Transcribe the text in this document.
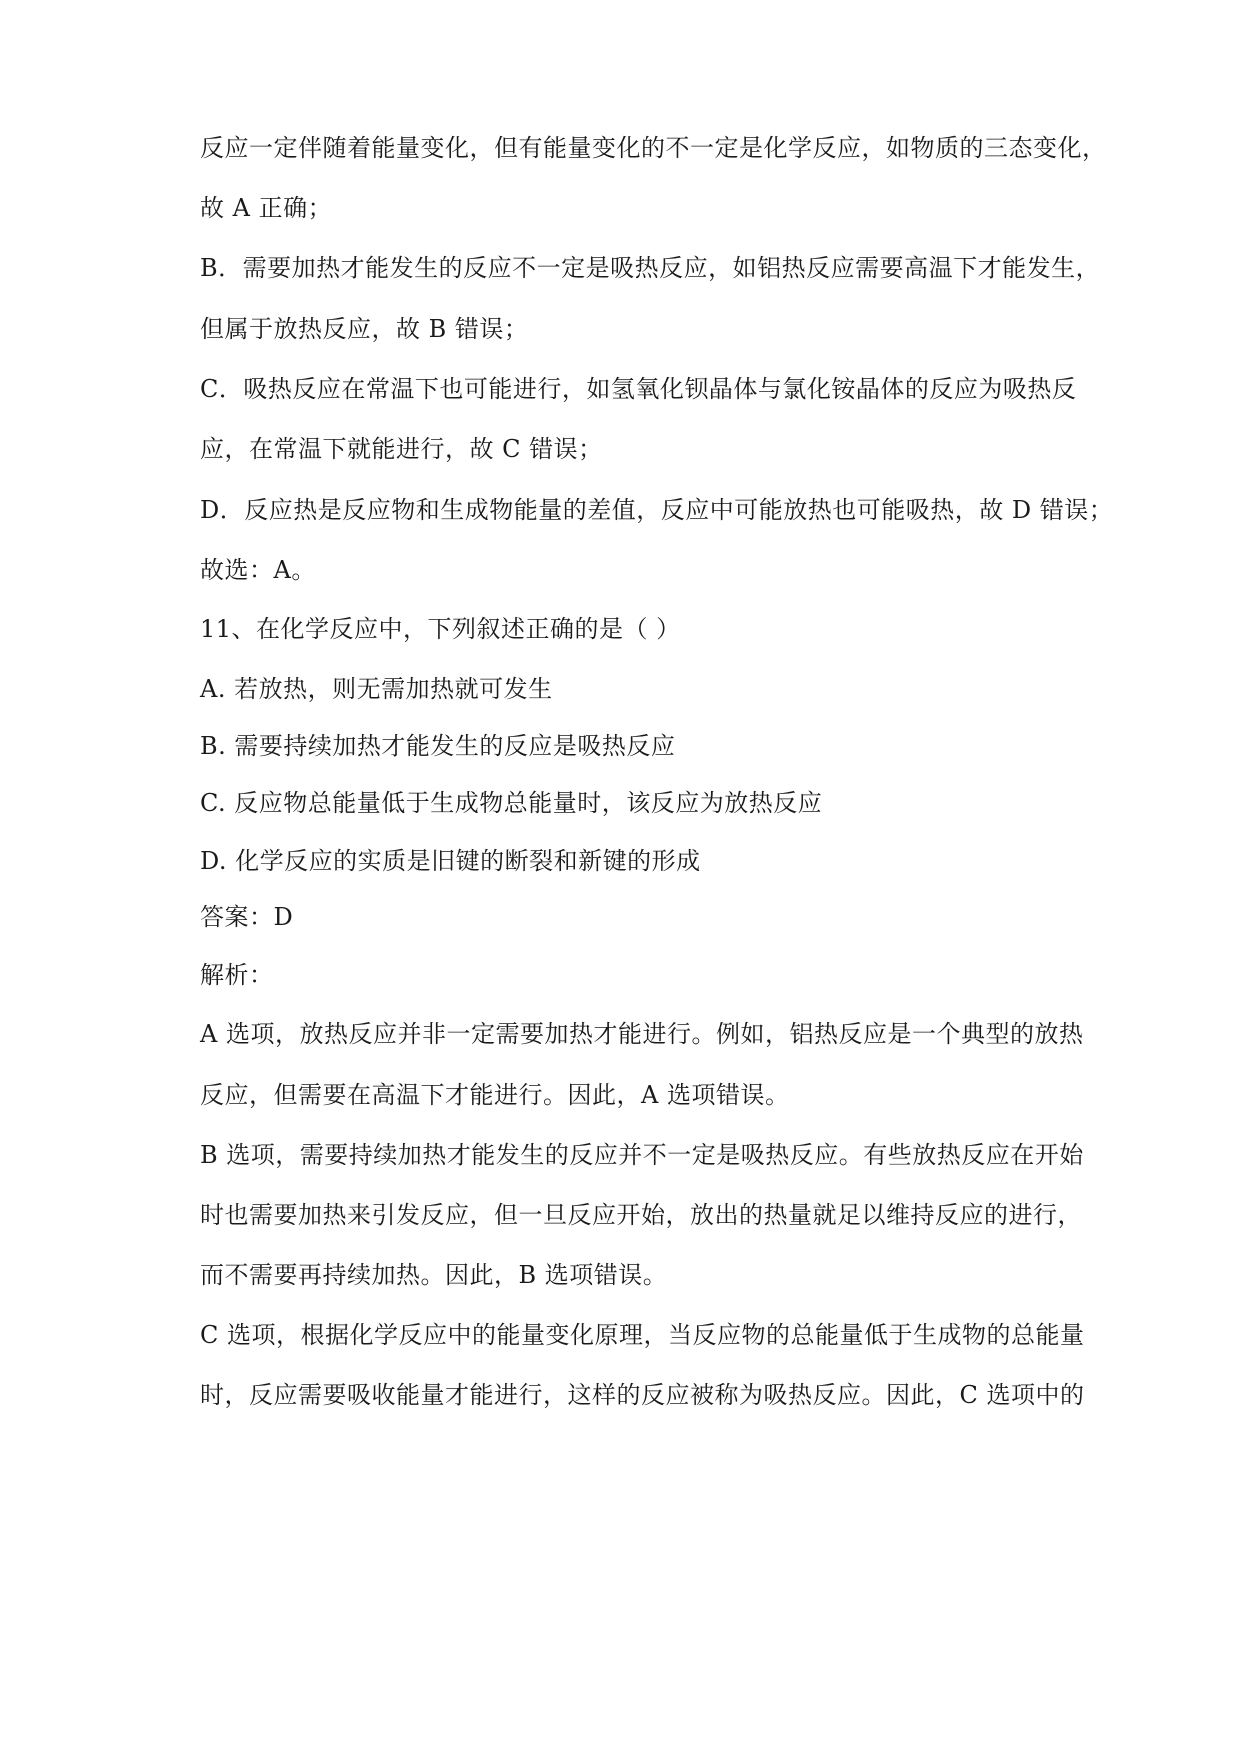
反应一定伴随着能量变化，但有能量变化的不一定是化学反应，如物质的三态变化，
故 A 正确；
B．需要加热才能发生的反应不一定是吸热反应，如铝热反应需要高温下才能发生，
但属于放热反应，故 B 错误；
C．吸热反应在常温下也可能进行，如氢氧化钡晶体与氯化铵晶体的反应为吸热反
应，在常温下就能进行，故 C 错误；
D．反应热是反应物和生成物能量的差值，反应中可能放热也可能吸热，故 D 错误；
故选：A。
11、在化学反应中，下列叙述正确的是（ ）
A. 若放热，则无需加热就可发生
B. 需要持续加热才能发生的反应是吸热反应
C. 反应物总能量低于生成物总能量时，该反应为放热反应
D. 化学反应的实质是旧键的断裂和新键的形成
答案：D
解析：
A 选项，放热反应并非一定需要加热才能进行。例如，铝热反应是一个典型的放热
反应，但需要在高温下才能进行。因此，A 选项错误。
B 选项，需要持续加热才能发生的反应并不一定是吸热反应。有些放热反应在开始
时也需要加热来引发反应，但一旦反应开始，放出的热量就足以维持反应的进行，
而不需要再持续加热。因此，B 选项错误。
C 选项，根据化学反应中的能量变化原理，当反应物的总能量低于生成物的总能量
时，反应需要吸收能量才能进行，这样的反应被称为吸热反应。因此，C 选项中的
